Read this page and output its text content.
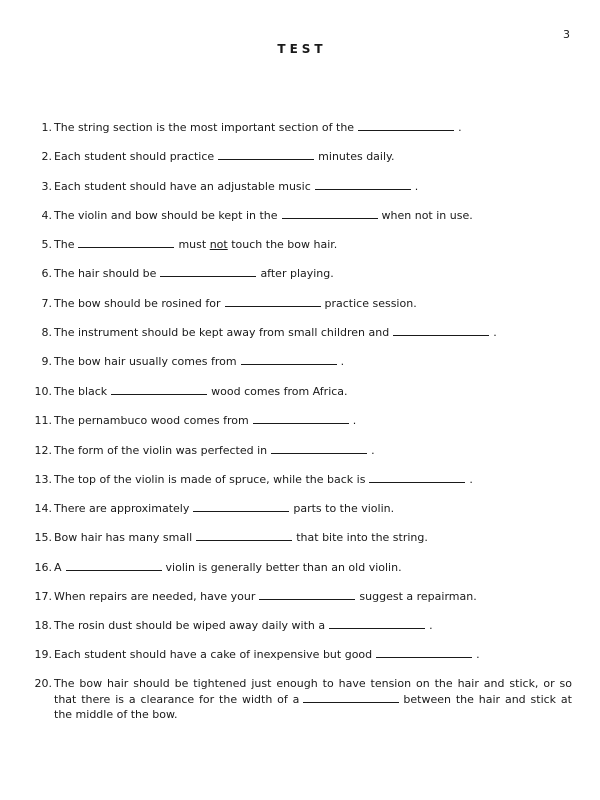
3
TEST
1. The string section is the most important section of the	.
2. Each student should practice	minutes daily.
3. Each student should have an adjustable music	.
4. The violin and bow should be kept in the	when not in use.
5. The	must not touch the bow hair.
6. The hair should be	after playing.
7. The bow should be rosined for	practice session.
8. The instrument should be kept away from small children and	.
9. The bow hair usually comes from	.
10. The black	wood comes from Africa.
11. The pernambuco wood comes from	.
12. The form of the violin was perfected in	.
13. The top of the violin is made of spruce, while the back is	.
14. There are approximately	parts to the violin.
15. Bow hair has many small	that bite into the string.
16. A	violin is generally better than an old violin.
17. When repairs are needed, have your	suggest a repairman.
18. The rosin dust should be wiped away daily with a	.
19. Each student should have a cake of inexpensive but good	.
20. The bow hair should be tightened just enough to have tension on the hair and stick, or so that there is a clearance for the width of a	between the hair and stick at the middle of the bow.
